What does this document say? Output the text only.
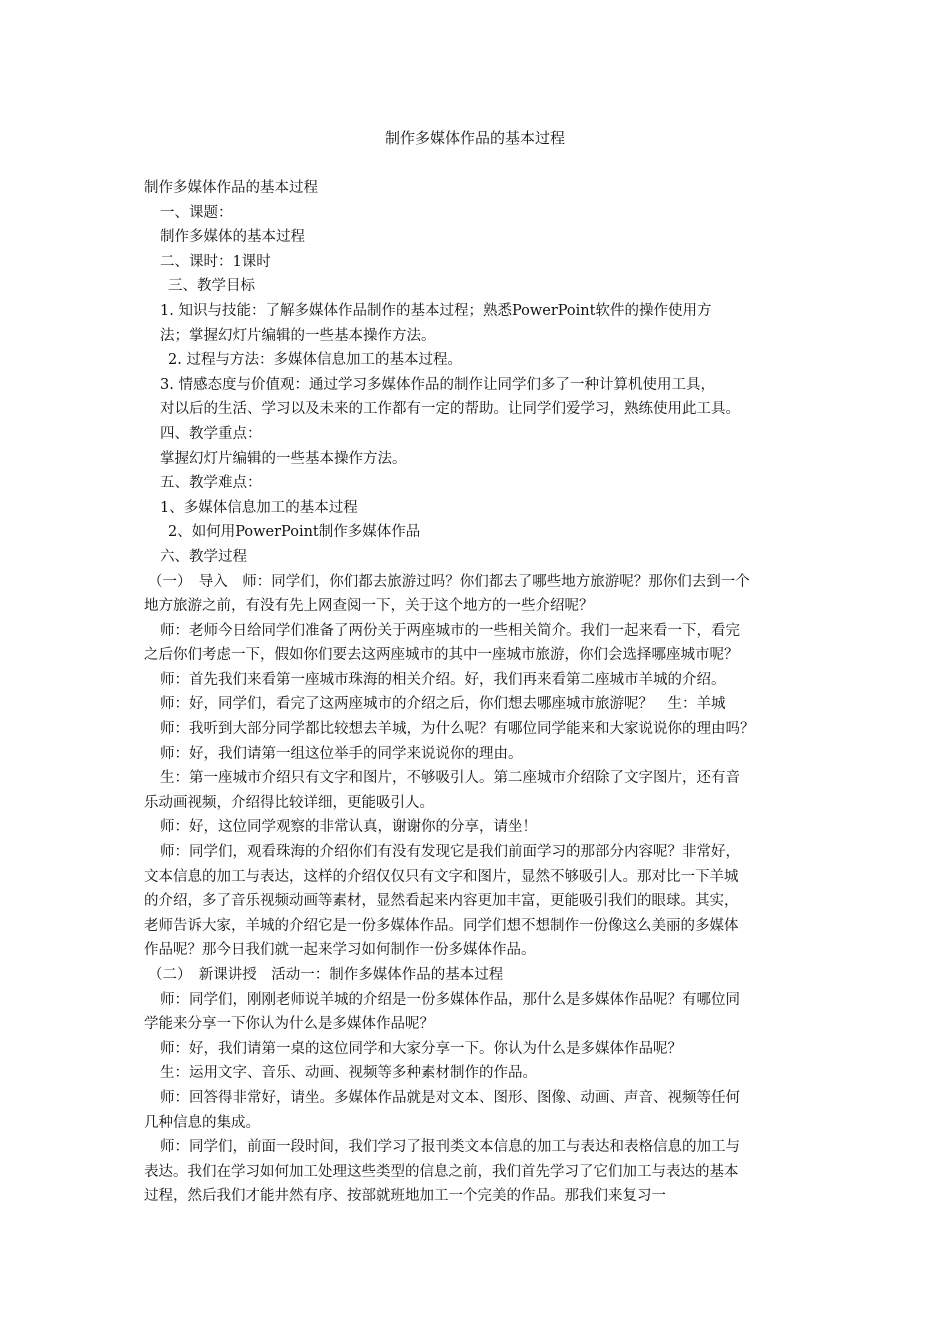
制作多媒体作品的基本过程
制作多媒体作品的基本过程
一、课题：
制作多媒体的基本过程
二、课时：1课时
三、教学目标
1. 知识与技能：了解多媒体作品制作的基本过程；熟悉PowerPoint软件的操作使用方
法；掌握幻灯片编辑的一些基本操作方法。
2. 过程与方法：多媒体信息加工的基本过程。
3. 情感态度与价值观：通过学习多媒体作品的制作让同学们多了一种计算机使用工具，
对以后的生活、学习以及未来的工作都有一定的帮助。让同学们爱学习，熟练使用此工具。
四、教学重点：
掌握幻灯片编辑的一些基本操作方法。
五、教学难点：
1、多媒体信息加工的基本过程
2、如何用PowerPoint制作多媒体作品
六、教学过程
（一）　导入　师：同学们，你们都去旅游过吗？你们都去了哪些地方旅游呢？那你们去到一个
地方旅游之前，有没有先上网查阅一下，关于这个地方的一些介绍呢？
师：老师今日给同学们准备了两份关于两座城市的一些相关简介。我们一起来看一下，看完
之后你们考虑一下，假如你们要去这两座城市的其中一座城市旅游，你们会选择哪座城市呢？
师：首先我们来看第一座城市珠海的相关介绍。好，我们再来看第二座城市羊城的介绍。
师：好，同学们，看完了这两座城市的介绍之后，你们想去哪座城市旅游呢？　生：羊城
师：我听到大部分同学都比较想去羊城，为什么呢？有哪位同学能来和大家说说你的理由吗？
师：好，我们请第一组这位举手的同学来说说你的理由。
生：第一座城市介绍只有文字和图片，不够吸引人。第二座城市介绍除了文字图片，还有音
乐动画视频，介绍得比较详细，更能吸引人。
师：好，这位同学观察的非常认真，谢谢你的分享，请坐！
师：同学们，观看珠海的介绍你们有没有发现它是我们前面学习的那部分内容呢？非常好，
文本信息的加工与表达，这样的介绍仅仅只有文字和图片，显然不够吸引人。那对比一下羊城
的介绍，多了音乐视频动画等素材，显然看起来内容更加丰富，更能吸引我们的眼球。其实，
老师告诉大家，羊城的介绍它是一份多媒体作品。同学们想不想制作一份像这么美丽的多媒体
作品呢？那今日我们就一起来学习如何制作一份多媒体作品。
（二）　新课讲授　活动一：制作多媒体作品的基本过程
师：同学们，刚刚老师说羊城的介绍是一份多媒体作品，那什么是多媒体作品呢？有哪位同
学能来分享一下你认为什么是多媒体作品呢？
师：好，我们请第一桌的这位同学和大家分享一下。你认为什么是多媒体作品呢？
生：运用文字、音乐、动画、视频等多种素材制作的作品。
师：回答得非常好，请坐。多媒体作品就是对文本、图形、图像、动画、声音、视频等任何
几种信息的集成。
师：同学们，前面一段时间，我们学习了报刊类文本信息的加工与表达和表格信息的加工与
表达。我们在学习如何加工处理这些类型的信息之前，我们首先学习了它们加工与表达的基本
过程，然后我们才能井然有序、按部就班地加工一个完美的作品。那我们来复习一
